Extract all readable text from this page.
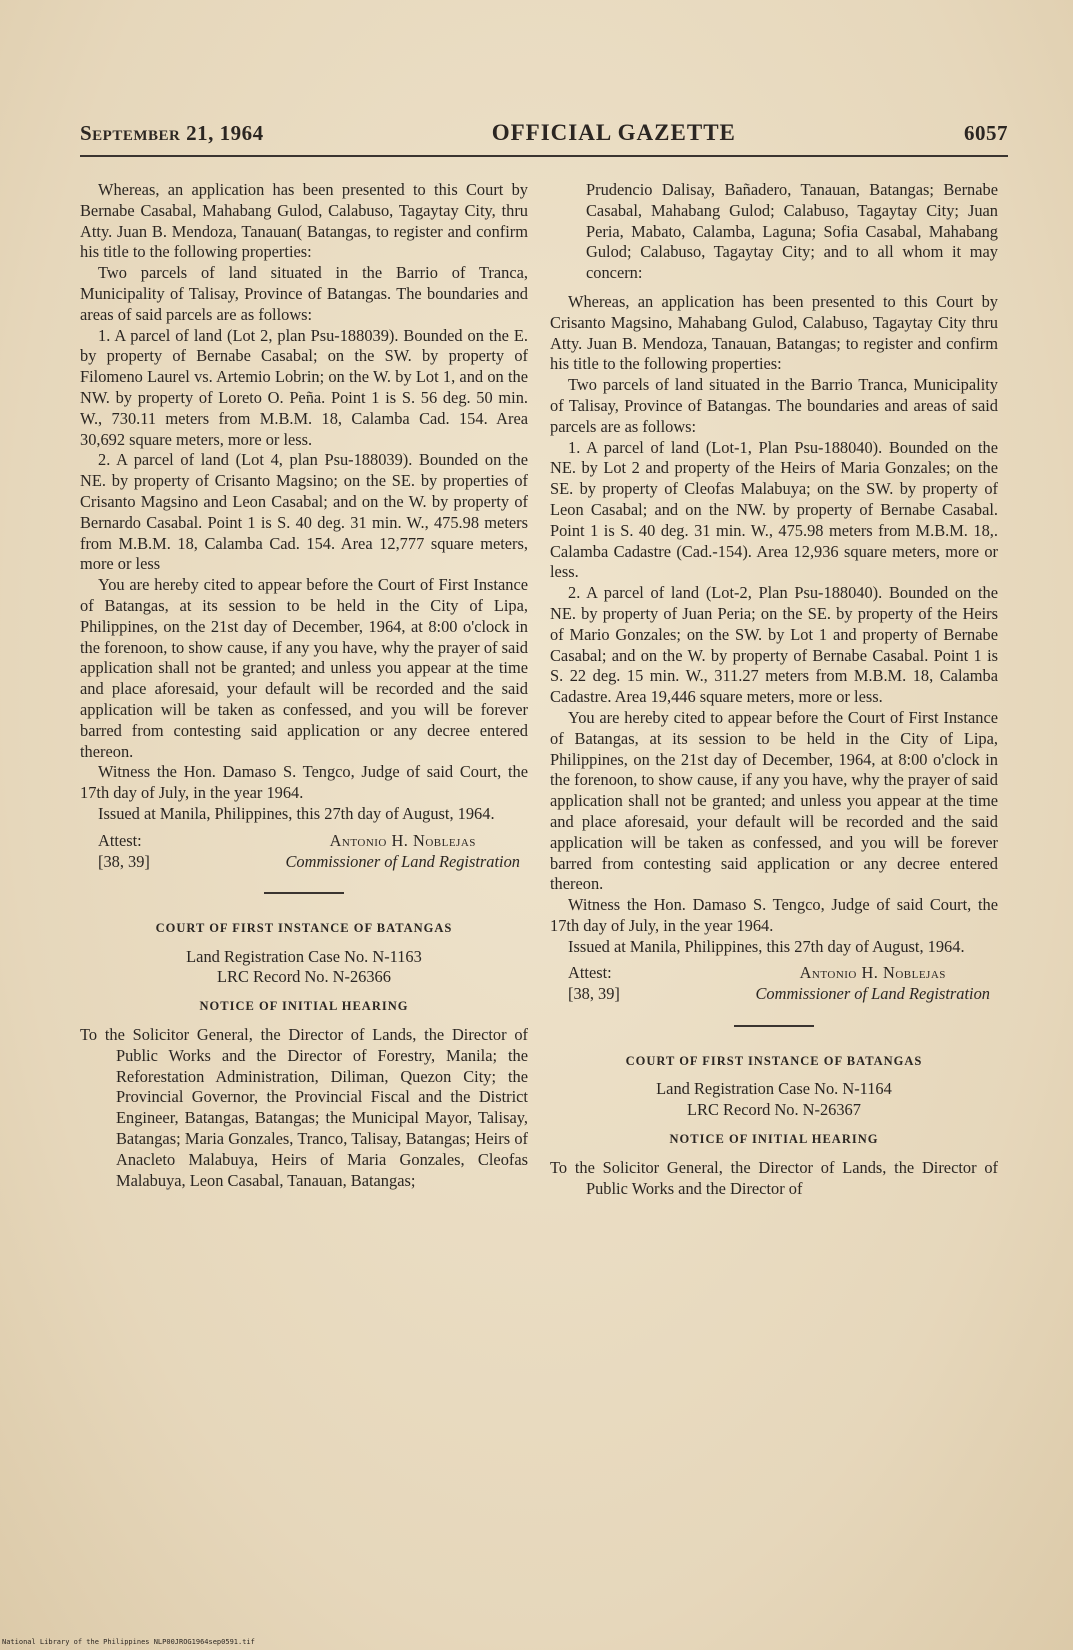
September 21, 1964	OFFICIAL GAZETTE	6057

Whereas, an application has been presented to this Court by Bernabe Casabal, Mahabang Gulod, Calabuso, Tagaytay City, thru Atty. Juan B. Mendoza, Tanauan( Batangas, to register and confirm his title to the following properties:

Two parcels of land situated in the Barrio of Tranca, Municipality of Talisay, Province of Batangas. The boundaries and areas of said parcels are as follows:

1. A parcel of land (Lot 2, plan Psu-188039). Bounded on the E. by property of Bernabe Casabal; on the SW. by property of Filomeno Laurel vs. Artemio Lobrin; on the W. by Lot 1, and on the NW. by property of Loreto O. Peña. Point 1 is S. 56 deg. 50 min. W., 730.11 meters from M.B.M. 18, Calamba Cad. 154. Area 30,692 square meters, more or less.

2. A parcel of land (Lot 4, plan Psu-188039). Bounded on the NE. by property of Crisanto Magsino; on the SE. by properties of Crisanto Magsino and Leon Casabal; and on the W. by property of Bernardo Casabal. Point 1 is S. 40 deg. 31 min. W., 475.98 meters from M.B.M. 18, Calamba Cad. 154. Area 12,777 square meters, more or less

You are hereby cited to appear before the Court of First Instance of Batangas, at its session to be held in the City of Lipa, Philippines, on the 21st day of December, 1964, at 8:00 o'clock in the forenoon, to show cause, if any you have, why the prayer of said application shall not be granted; and unless you appear at the time and place aforesaid, your default will be recorded and the said application will be taken as confessed, and you will be forever barred from contesting said application or any decree entered thereon.

Witness the Hon. Damaso S. Tengco, Judge of said Court, the 17th day of July, in the year 1964.

Issued at Manila, Philippines, this 27th day of August, 1964.

Attest:
[38, 39]
Antonio H. Noblejas
Commissioner of Land Registration
COURT OF FIRST INSTANCE OF BATANGAS

Land Registration Case No. N-1163

LRC Record No. N-26366

NOTICE OF INITIAL HEARING

To the Solicitor General, the Director of Lands, the Director of Public Works and the Director of Forestry, Manila; the Reforestation Administration, Diliman, Quezon City; the Provincial Governor, the Provincial Fiscal and the District Engineer, Batangas, Batangas; the Municipal Mayor, Talisay, Batangas; Maria Gonzales, Tranco, Talisay, Batangas; Heirs of Anacleto Malabuya, Heirs of Maria Gonzales, Cleofas Malabuya, Leon Casabal, Tanauan, Batangas;

Prudencio Dalisay, Bañadero, Tanauan, Batangas; Bernabe Casabal, Mahabang Gulod; Calabuso, Tagaytay City; Juan Peria, Mabato, Calamba, Laguna; Sofia Casabal, Mahabang Gulod; Calabuso, Tagaytay City; and to all whom it may concern:

Whereas, an application has been presented to this Court by Crisanto Magsino, Mahabang Gulod, Calabuso, Tagaytay City thru Atty. Juan B. Mendoza, Tanauan, Batangas; to register and confirm his title to the following properties:

Two parcels of land situated in the Barrio Tranca, Municipality of Talisay, Province of Batangas. The boundaries and areas of said parcels are as follows:

1. A parcel of land (Lot-1, Plan Psu-188040). Bounded on the NE. by Lot 2 and property of the Heirs of Maria Gonzales; on the SE. by property of Cleofas Malabuya; on the SW. by property of Leon Casabal; and on the NW. by property of Bernabe Casabal. Point 1 is S. 40 deg. 31 min. W., 475.98 meters from M.B.M. 18,. Calamba Cadastre (Cad.-154). Area 12,936 square meters, more or less.

2. A parcel of land (Lot-2, Plan Psu-188040). Bounded on the NE. by property of Juan Peria; on the SE. by property of the Heirs of Mario Gonzales; on the SW. by Lot 1 and property of Bernabe Casabal; and on the W. by property of Bernabe Casabal. Point 1 is S. 22 deg. 15 min. W., 311.27 meters from M.B.M. 18, Calamba Cadastre. Area 19,446 square meters, more or less.

You are hereby cited to appear before the Court of First Instance of Batangas, at its session to be held in the City of Lipa, Philippines, on the 21st day of December, 1964, at 8:00 o'clock in the forenoon, to show cause, if any you have, why the prayer of said application shall not be granted; and unless you appear at the time and place aforesaid, your default will be recorded and the said application will be taken as confessed, and you will be forever barred from contesting said application or any decree entered thereon.

Witness the Hon. Damaso S. Tengco, Judge of said Court, the 17th day of July, in the year 1964.

Issued at Manila, Philippines, this 27th day of August, 1964.

Attest:
[38, 39]
Antonio H. Noblejas
Commissioner of Land Registration
COURT OF FIRST INSTANCE OF BATANGAS

Land Registration Case No. N-1164

LRC Record No. N-26367

NOTICE OF INITIAL HEARING

To the Solicitor General, the Director of Lands, the Director of Public Works and the Director of

National Library of the Philippines NLP00JROG1964sep0591.tif
